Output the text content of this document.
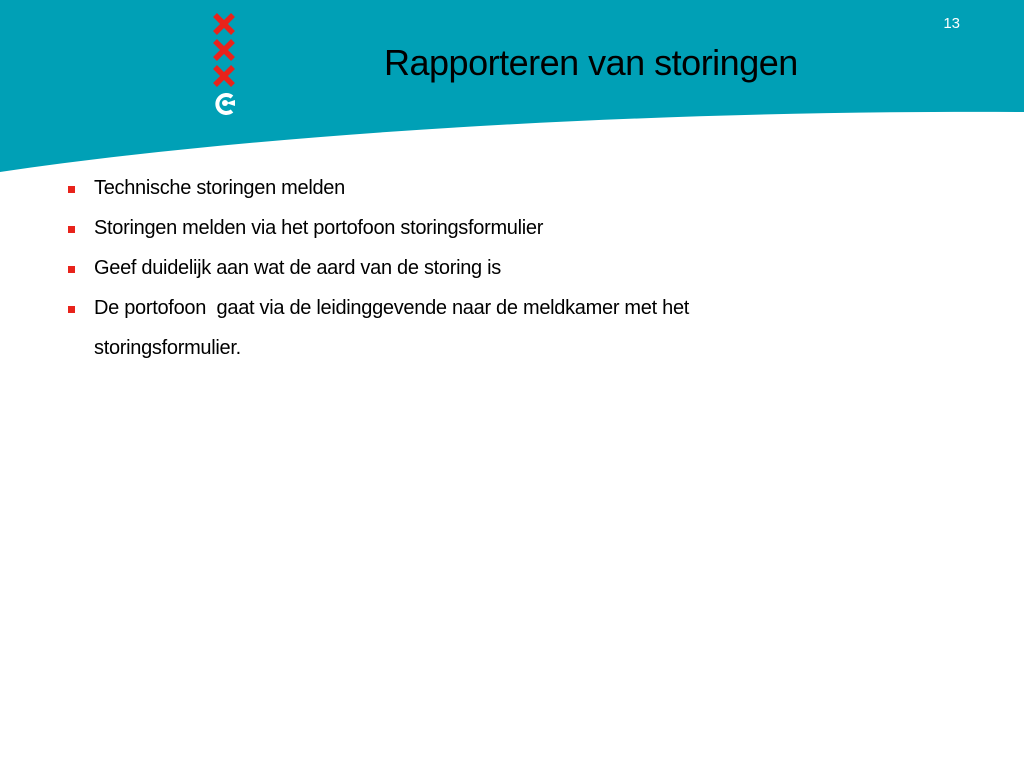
13
Rapporteren van storingen
Technische storingen melden
Storingen melden via het portofoon storingsformulier
Geef duidelijk aan wat de aard van de storing is
De portofoon  gaat via de leidinggevende naar de meldkamer met het storingsformulier.
